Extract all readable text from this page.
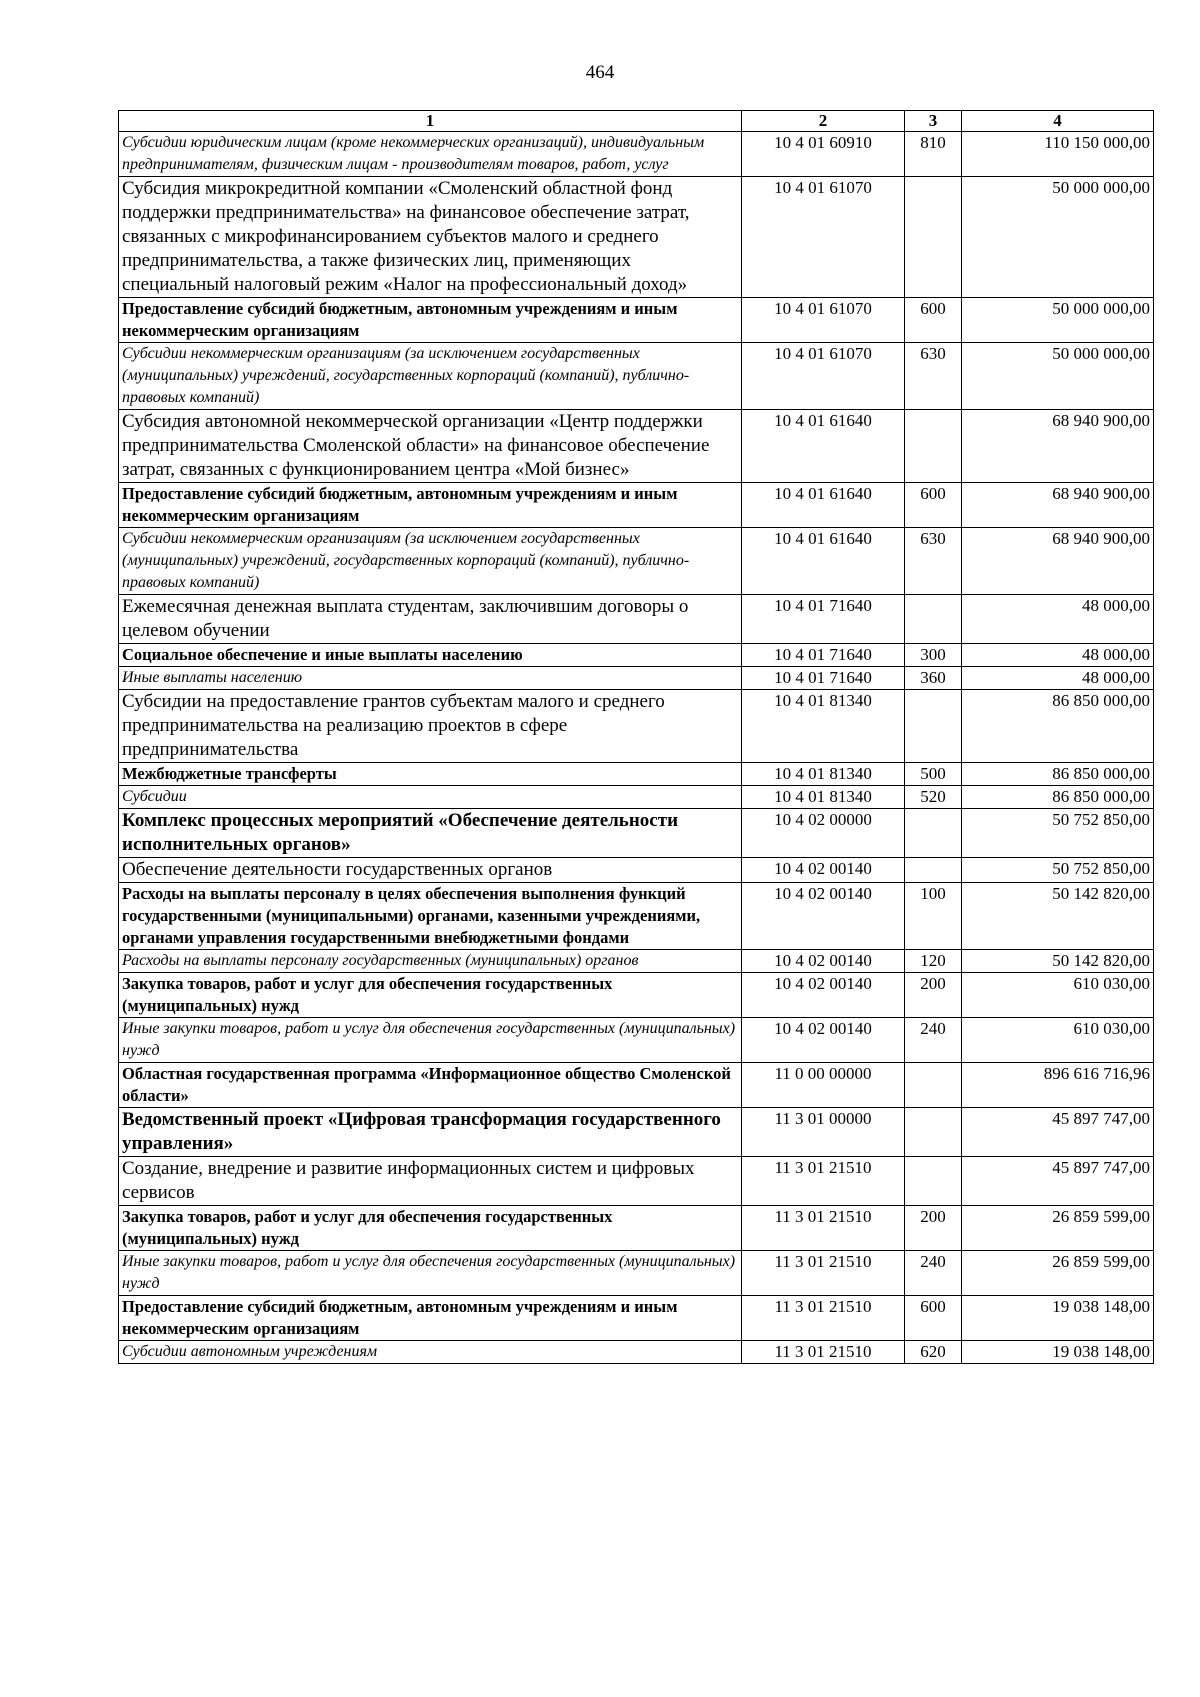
464
1	2	3	4
Субсидии юридическим лицам (кроме некоммерческих организаций), индивидуальным предпринимателям, физическим лицам - производителям товаров, работ, услуг	10 4 01 60910	810	110 150 000,00
Субсидия микрокредитной компании «Смоленский областной фонд поддержки предпринимательства» на финансовое обеспечение затрат, связанных с микрофинансированием субъектов малого и среднего предпринимательства, а также физических лиц, применяющих специальный налоговый режим «Налог на профессиональный доход»	10 4 01 61070		50 000 000,00
Предоставление субсидий бюджетным, автономным учреждениям и иным некоммерческим организациям	10 4 01 61070	600	50 000 000,00
Субсидии некоммерческим организациям (за исключением государственных (муниципальных) учреждений, государственных корпораций (компаний), публично-правовых компаний)	10 4 01 61070	630	50 000 000,00
Субсидия автономной некоммерческой организации «Центр поддержки предпринимательства Смоленской области» на финансовое обеспечение затрат, связанных с функционированием центра «Мой бизнес»	10 4 01 61640		68 940 900,00
Предоставление субсидий бюджетным, автономным учреждениям и иным некоммерческим организациям	10 4 01 61640	600	68 940 900,00
Субсидии некоммерческим организациям (за исключением государственных (муниципальных) учреждений, государственных корпораций (компаний), публично-правовых компаний)	10 4 01 61640	630	68 940 900,00
Ежемесячная денежная выплата студентам, заключившим договоры о целевом обучении	10 4 01 71640		48 000,00
Социальное обеспечение и иные выплаты населению	10 4 01 71640	300	48 000,00
Иные выплаты населению	10 4 01 71640	360	48 000,00
Субсидии на предоставление грантов субъектам малого и среднего предпринимательства на реализацию проектов в сфере предпринимательства	10 4 01 81340		86 850 000,00
Межбюджетные трансферты	10 4 01 81340	500	86 850 000,00
Субсидии	10 4 01 81340	520	86 850 000,00
Комплекс процессных мероприятий «Обеспечение деятельности исполнительных органов»	10 4 02 00000		50 752 850,00
Обеспечение деятельности государственных органов	10 4 02 00140		50 752 850,00
Расходы на выплаты персоналу в целях обеспечения выполнения функций государственными (муниципальными) органами, казенными учреждениями, органами управления государственными внебюджетными фондами	10 4 02 00140	100	50 142 820,00
Расходы на выплаты персоналу государственных (муниципальных) органов	10 4 02 00140	120	50 142 820,00
Закупка товаров, работ и услуг для обеспечения государственных (муниципальных) нужд	10 4 02 00140	200	610 030,00
Иные закупки товаров, работ и услуг для обеспечения государственных (муниципальных) нужд	10 4 02 00140	240	610 030,00
Областная государственная программа «Информационное общество Смоленской области»	11 0 00 00000		896 616 716,96
Ведомственный проект «Цифровая трансформация государственного управления»	11 3 01 00000		45 897 747,00
Создание, внедрение и развитие информационных систем и цифровых сервисов	11 3 01 21510		45 897 747,00
Закупка товаров, работ и услуг для обеспечения государственных (муниципальных) нужд	11 3 01 21510	200	26 859 599,00
Иные закупки товаров, работ и услуг для обеспечения государственных (муниципальных) нужд	11 3 01 21510	240	26 859 599,00
Предоставление субсидий бюджетным, автономным учреждениям и иным некоммерческим организациям	11 3 01 21510	600	19 038 148,00
Субсидии автономным учреждениям	11 3 01 21510	620	19 038 148,00
